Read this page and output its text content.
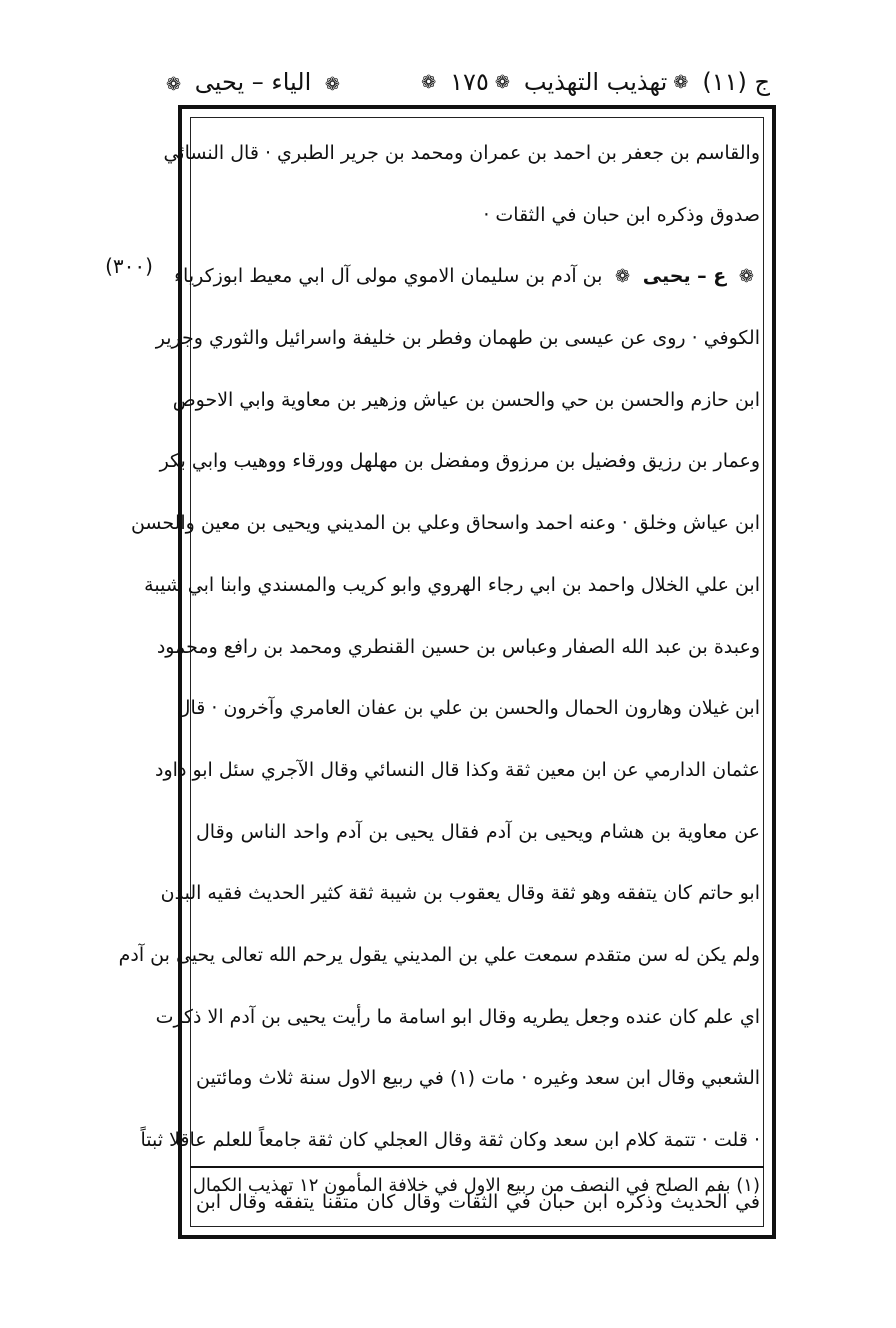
ج (١١)
❁
تهذيب التهذيب
❁
١٧٥
❁
❁ الياء – يحيى ❁
(٣٠٠)
والقاسم بن جعفر بن احمد بن عمران ومحمد بن جرير الطبري · قال النسائي
صدوق وذكره ابن حبان في الثقات ·
❁ ع – يحيى ❁ بن آدم بن سليمان الاموي مولى آل ابي معيط ابوزكرياء
الكوفي · روى عن عيسى بن طهمان وفطر بن خليفة واسرائيل والثوري وجرير
ابن حازم والحسن بن حي والحسن بن عياش وزهير بن معاوية وابي الاحوص
وعمار بن رزيق وفضيل بن مرزوق ومفضل بن مهلهل وورقاء ووهيب وابي بكر
ابن عياش وخلق · وعنه احمد واسحاق وعلي بن المديني ويحيى بن معين والحسن
ابن علي الخلال واحمد بن ابي رجاء الهروي وابو كريب والمسندي وابنا ابي شيبة
وعبدة بن عبد الله الصفار وعباس بن حسين القنطري ومحمد بن رافع ومحمود
ابن غيلان وهارون الحمال والحسن بن علي بن عفان العامري وآخرون · قال
عثمان الدارمي عن ابن معين ثقة وكذا قال النسائي وقال الآجري سئل ابو داود
عن معاوية بن هشام ويحيى بن آدم فقال يحيى بن آدم واحد الناس وقال
ابو حاتم كان يتفقه وهو ثقة وقال يعقوب بن شيبة ثقة كثير الحديث فقيه البدن
ولم يكن له سن متقدم سمعت علي بن المديني يقول يرحم الله تعالى يحيى بن آدم
اي علم كان عنده وجعل يطريه وقال ابو اسامة ما رأيت يحيى بن آدم الا ذكرت
الشعبي وقال ابن سعد وغيره · مات (١) في ربيع الاول سنة ثلاث ومائتين
· قلت · تتمة كلام ابن سعد وكان ثقة وقال العجلي كان ثقة جامعاً للعلم عاقلا ثبتاً
في الحديث وذكره ابن حبان في الثقات وقال كان متقنا يتفقه وقال ابن
(١) بفم الصلح في النصف من ربيع الاول في خلافة المأمون ١٢ تهذيب الكمال
